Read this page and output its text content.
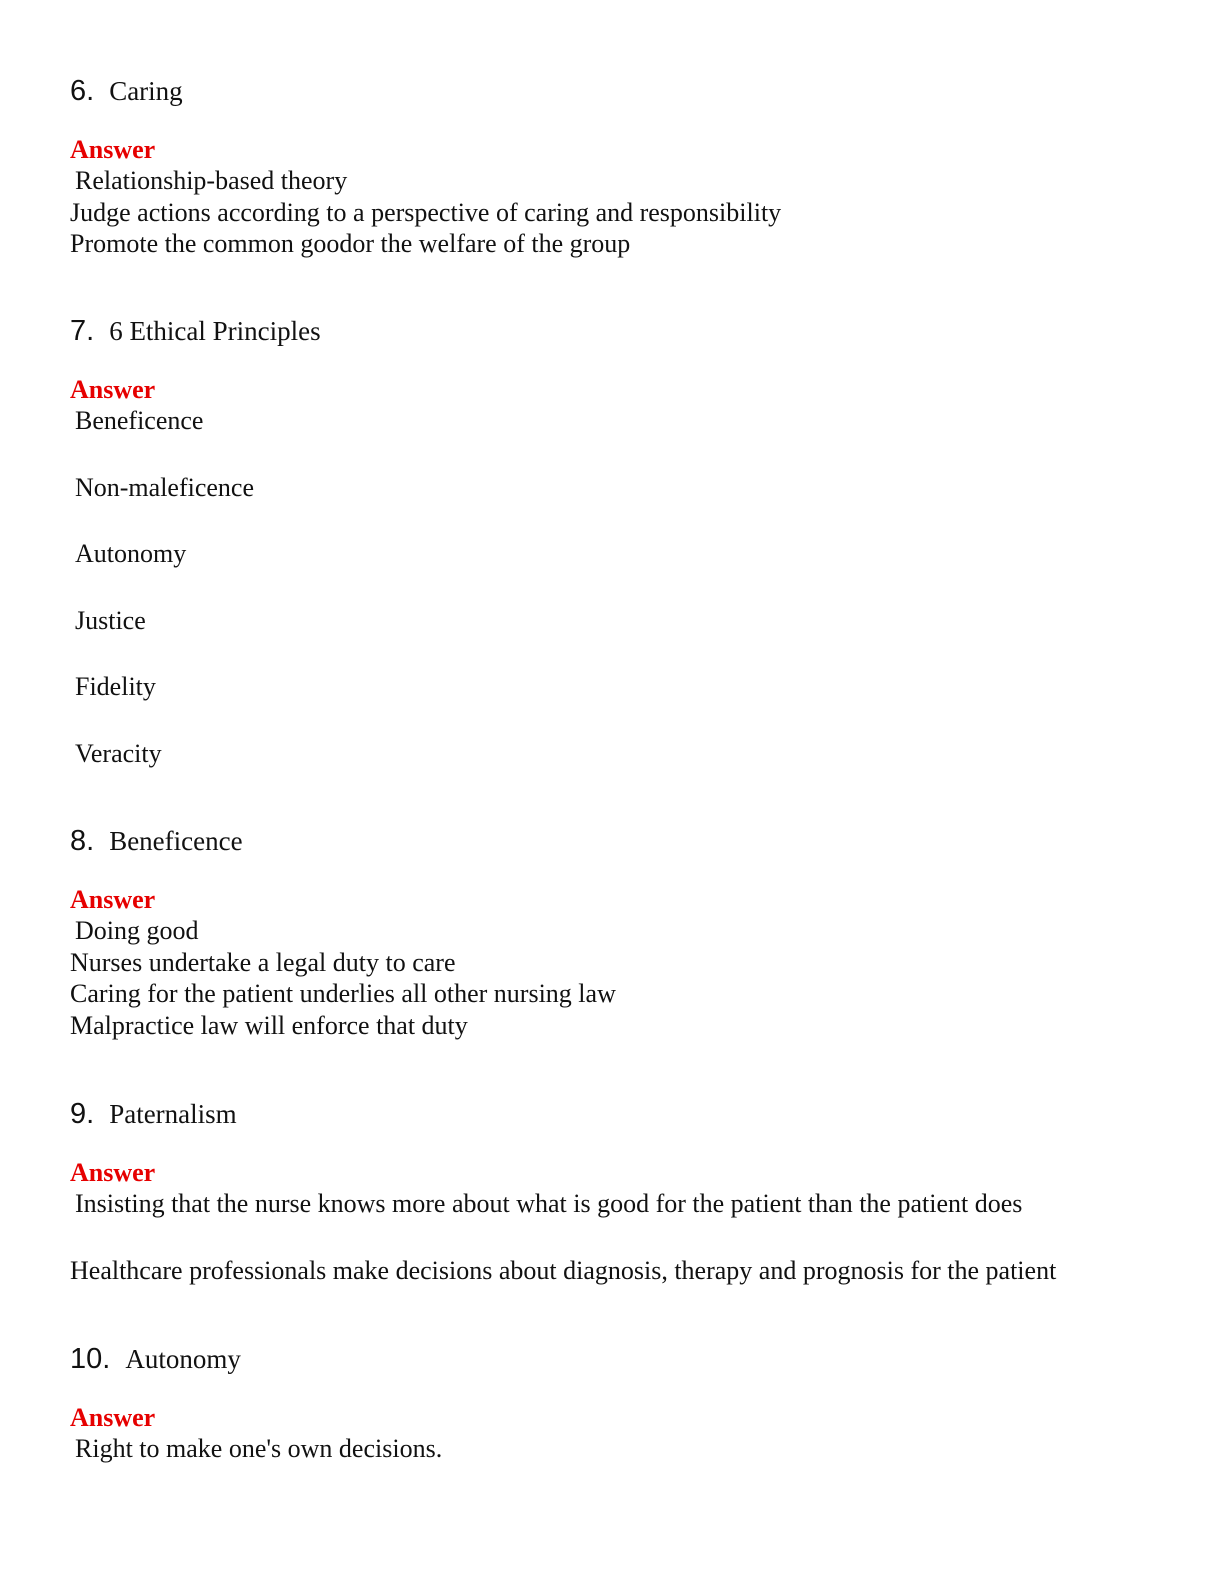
6. Caring
Answer
Relationship-based theory
Judge actions according to a perspective of caring and responsibility
Promote the common goodor the welfare of the group
7. 6 Ethical Principles
Answer
Beneficence
Non-maleficence
Autonomy
Justice
Fidelity
Veracity
8. Beneficence
Answer
Doing good
Nurses undertake a legal duty to care
Caring for the patient underlies all other nursing law
Malpractice law will enforce that duty
9. Paternalism
Answer
Insisting that the nurse knows more about what is good for the patient than the patient does
Healthcare professionals make decisions about diagnosis, therapy and prognosis for the patient
10. Autonomy
Answer
Right to make one's own decisions.
